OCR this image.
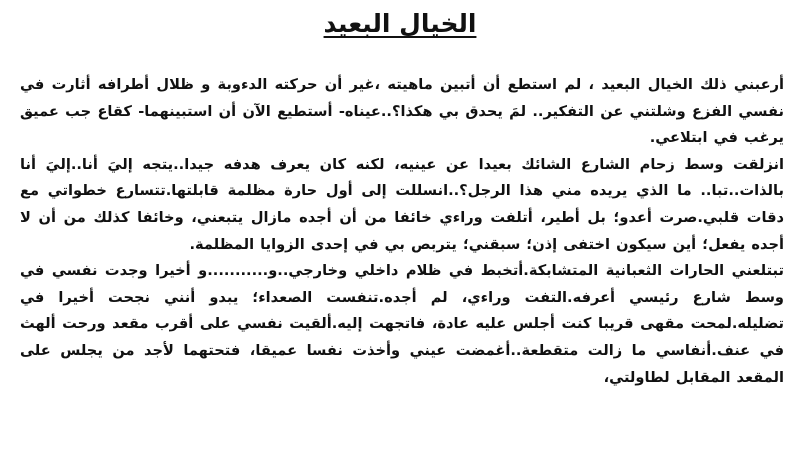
الخيال البعيد

أرعبني ذلك الخيال البعيد ، لم استطع أن أتبين ماهيته ،غير أن حركته الدءوبة و ظلال أطرافه أثارت في نفسي الفزع وشلتني عن التفكير.. لمَ يحدق بي هكذا؟..عيناه- أستطيع الآن أن استبينهما- كقاع جب عميق يرغب في ابتلاعي.

انزلقت وسط زحام الشارع الشائك بعيدا عن عينيه، لكنه كان يعرف هدفه جيدا..يتجه إليَ أنا..إليَ أنا بالذات..تبا.. ما الذي يريده مني هذا الرجل؟..انسللت إلى أول حارة مظلمة قابلتها.تتسارع خطواتي مع دقات قلبي.صرت أعدو؛ بل أطير، أتلفت وراءي خائفا من أن أجده مازال يتبعني، وخائفا كذلك من أن لا أجده يفعل؛ أين سيكون اختفى إذن؛ سبقني؛ يتربص بي في إحدى الزوايا المظلمة.

تبتلعني الحارات الثعبانية المتشابكة.أتخبط في ظلام داخلي وخارجي..و...........و أخيرا وجدت نفسي في وسط شارع رئيسي أعرفه.التفت وراءي، لم أجده.تنفست الصعداء؛ يبدو أنني نجحت أخيرا في تضليله.لمحت مقهى قريبا كنت أجلس عليه عادة، فاتجهت إليه.ألقيت نفسي على أقرب مقعد ورحت ألهث في عنف.أنفاسي ما زالت متقطعة..أغمضت عيني وأخذت نفسا عميقا، فتحتهما لأجد من يجلس على المقعد المقابل لطاولتي،
